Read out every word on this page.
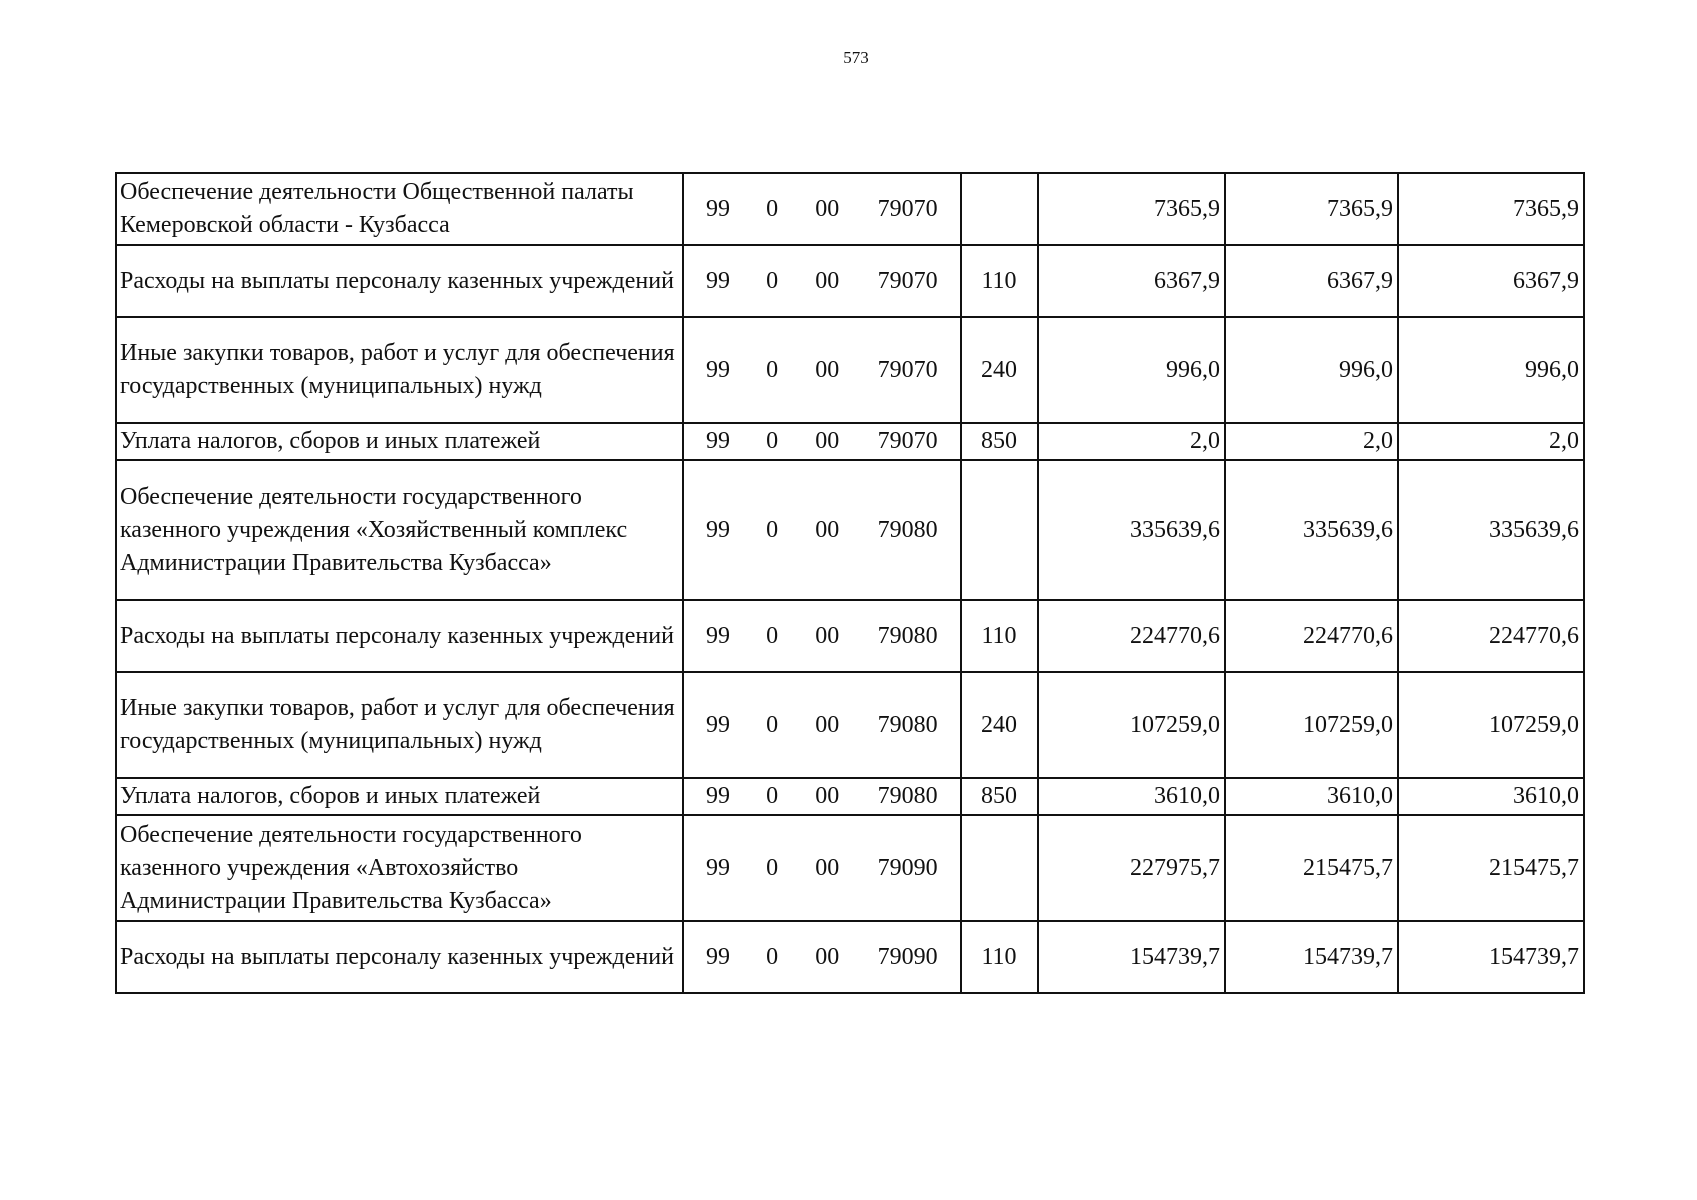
573
Обеспечение деятельности Общественной палаты Кемеровской области - Кузбасса	99 0 00 79070		7365,9	7365,9	7365,9
Расходы на выплаты персоналу казенных учреждений	99 0 00 79070	110	6367,9	6367,9	6367,9
Иные закупки товаров, работ и услуг для обеспечения государственных (муниципальных) нужд	99 0 00 79070	240	996,0	996,0	996,0
Уплата налогов, сборов и иных платежей	99 0 00 79070	850	2,0	2,0	2,0
Обеспечение деятельности государственного казенного учреждения «Хозяйственный комплекс Администрации Правительства Кузбасса»	99 0 00 79080		335639,6	335639,6	335639,6
Расходы на выплаты персоналу казенных учреждений	99 0 00 79080	110	224770,6	224770,6	224770,6
Иные закупки товаров, работ и услуг для обеспечения государственных (муниципальных) нужд	99 0 00 79080	240	107259,0	107259,0	107259,0
Уплата налогов, сборов и иных платежей	99 0 00 79080	850	3610,0	3610,0	3610,0
Обеспечение деятельности государственного казенного учреждения «Автохозяйство Администрации Правительства Кузбасса»	99 0 00 79090		227975,7	215475,7	215475,7
Расходы на выплаты персоналу казенных учреждений	99 0 00 79090	110	154739,7	154739,7	154739,7
